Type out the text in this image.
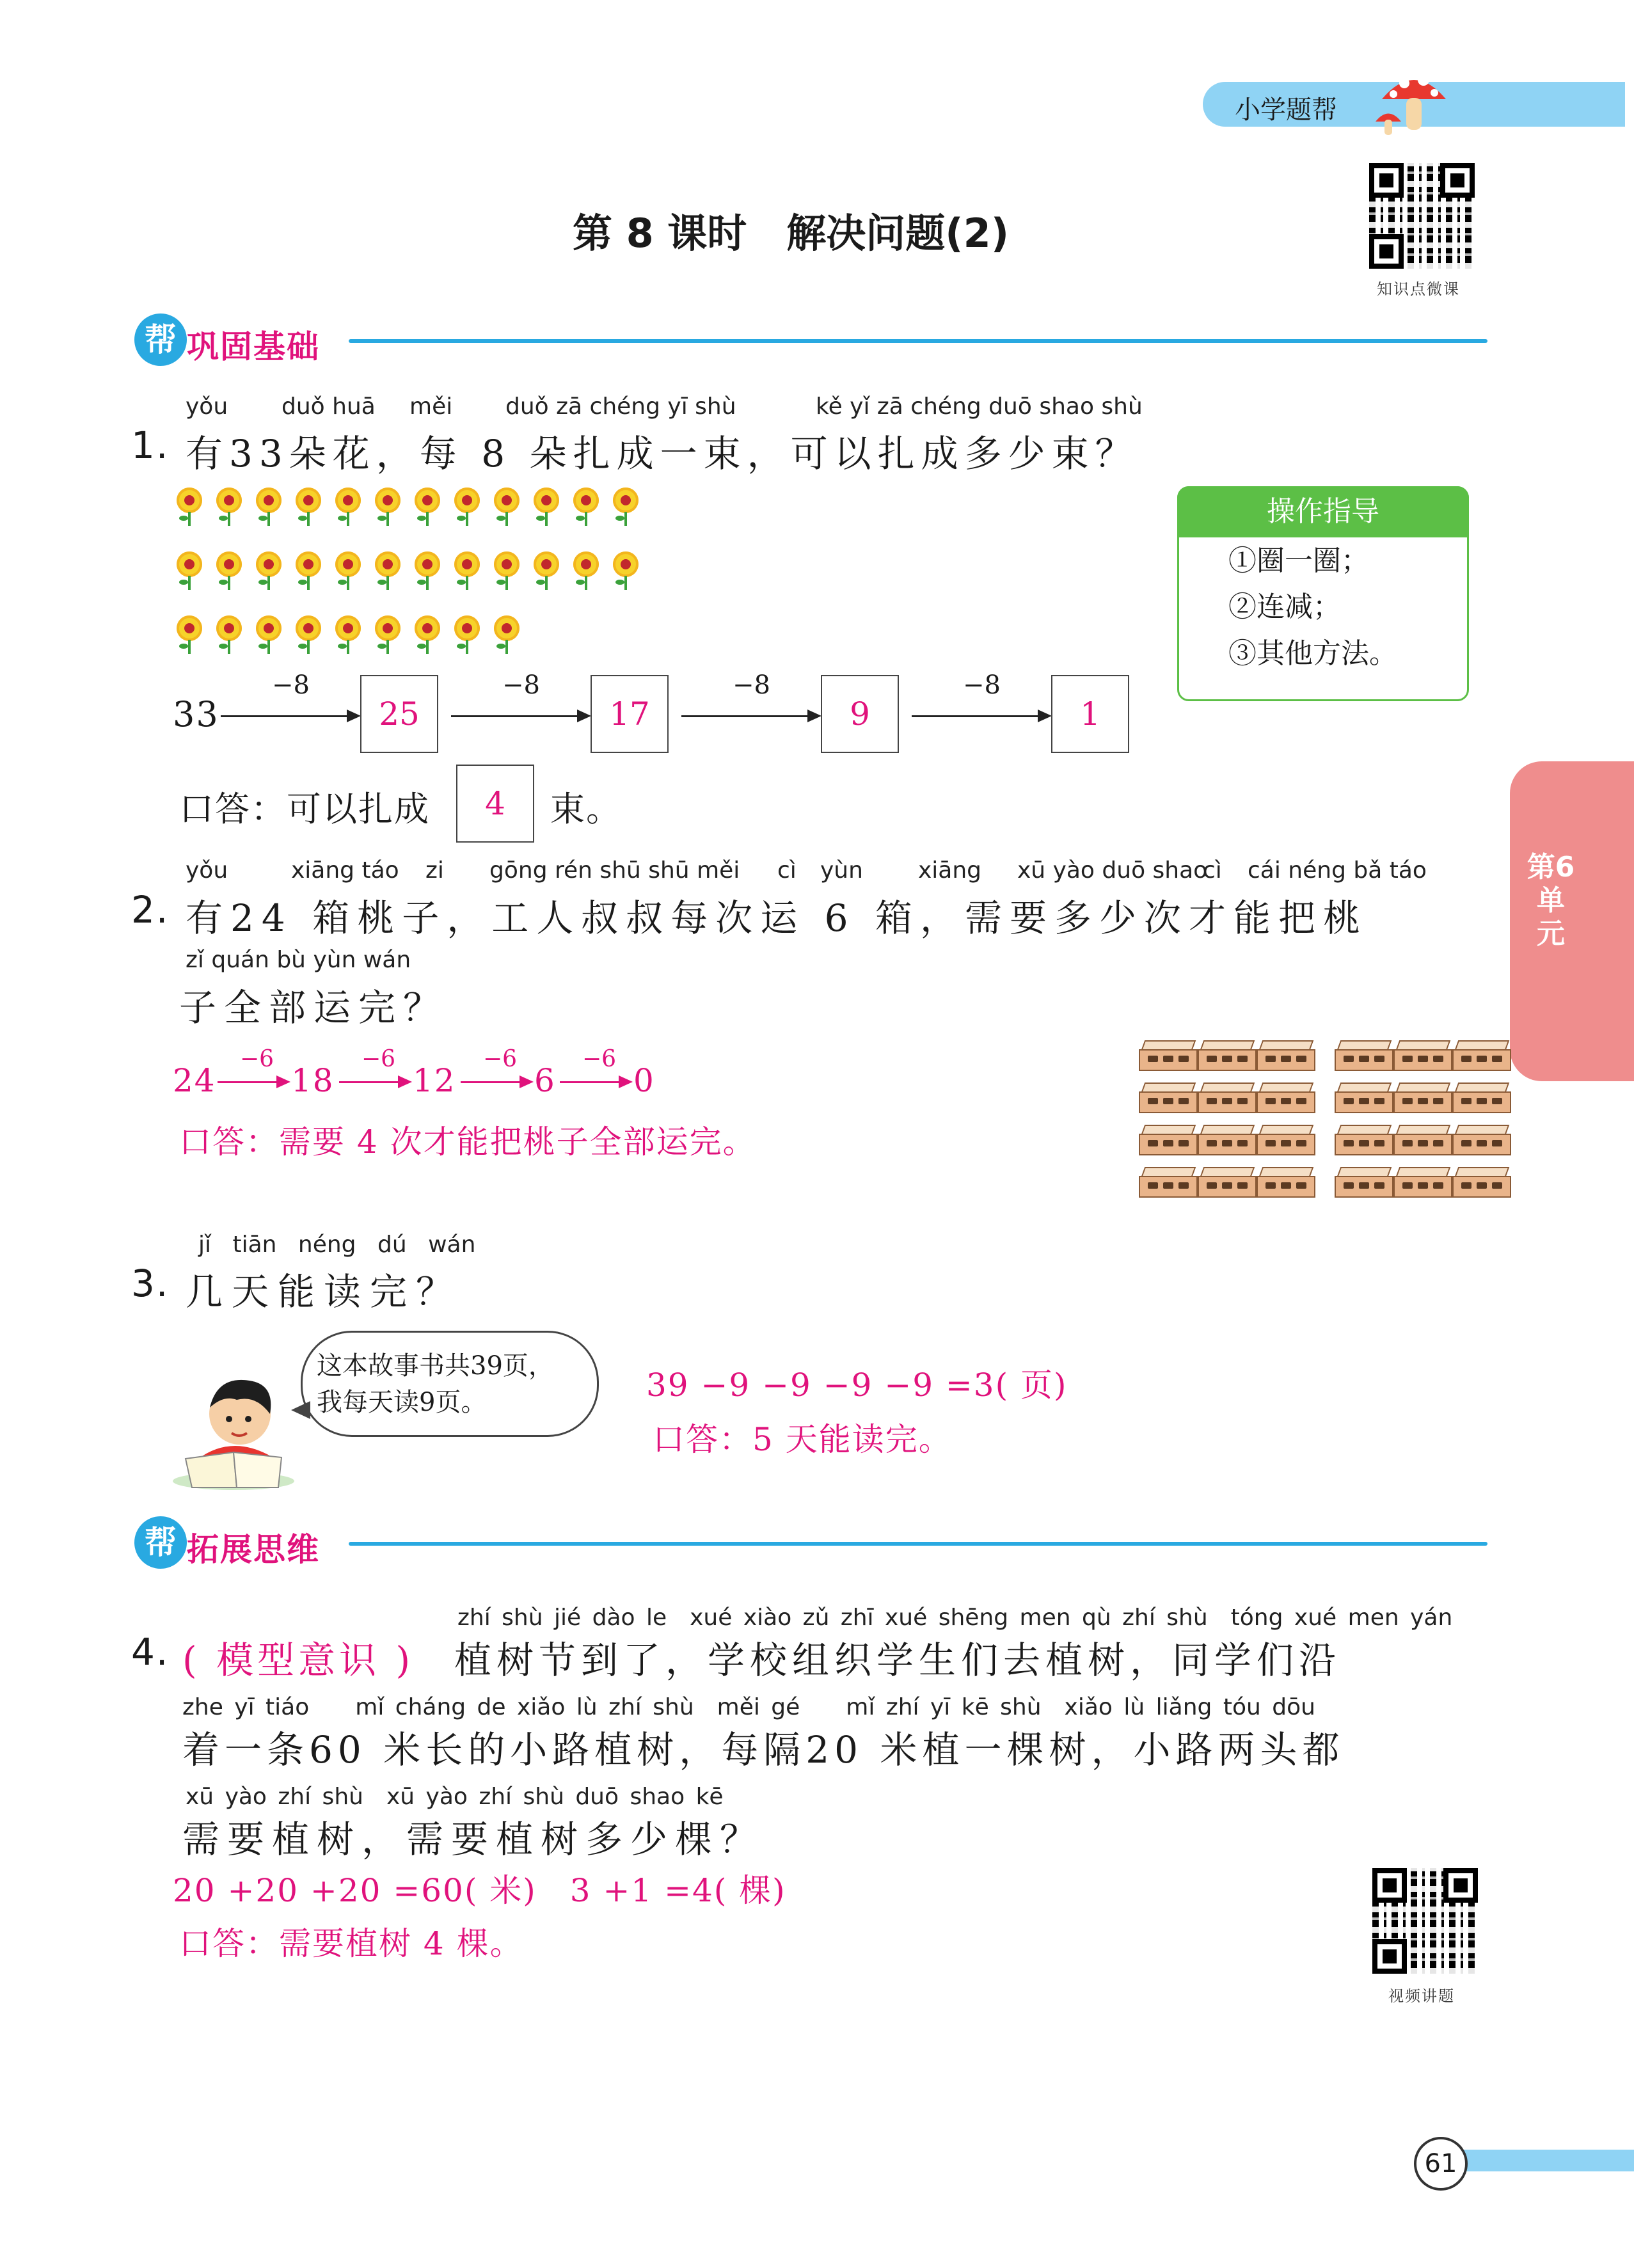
小学题帮
知识点微课
第 8 课时　解决问题(2)
帮 巩固基础
第6单元
yǒu duǒ huā měi duǒ zā chéng yī shù	kě yǐ zā chéng duō shao shù
1. 有33朵花，每 8 朵扎成一束，可以扎成多少束？
33
−8
25
−8
17
−8
9
−8
1
口答：可以扎成	4	束。
操作指导
①圈一圈；
②连减；
③其他方法。
yǒu	xiāng táo zi gōng rén shū shū měi cì yùn xiāng xū yào duō shao
cì cái néng bǎ táo
2. 有24 箱桃子，工人叔叔每次运 6 箱，需要多少次才能把桃
zǐ quán bù yùn wán
子全部运完？
24
−6
18
−6
12
−6
6
−6
0
口答：需要 4 次才能把桃子全部运完。
jǐ tiān néng dú wán
3. 几天能读完？
这本故事书共39页，
我每天读9页。	39 −9 −9 −9 −9 =3( 页)
口答：5 天能读完。
帮 拓展思维
zhí shù jié dào le　xué xiào zǔ zhī xué shēng men qù zhí shù　tóng xué men yán
4. ( 模型意识 ) 植树节到了，学校组织学生们去植树，同学们沿
zhe yī tiáo　　mǐ cháng de xiǎo lù zhí shù　měi gé　　mǐ zhí yī kē shù　xiǎo lù liǎng tóu dōu
着一条60 米长的小路植树，每隔20 米植一棵树，小路两头都
xū yào zhí shù　xū yào zhí shù duō shao kē
需要植树，需要植树多少棵？
20 +20 +20 =60( 米)　3 +1 =4( 棵)
口答：需要植树 4 棵。
视频讲题
61
